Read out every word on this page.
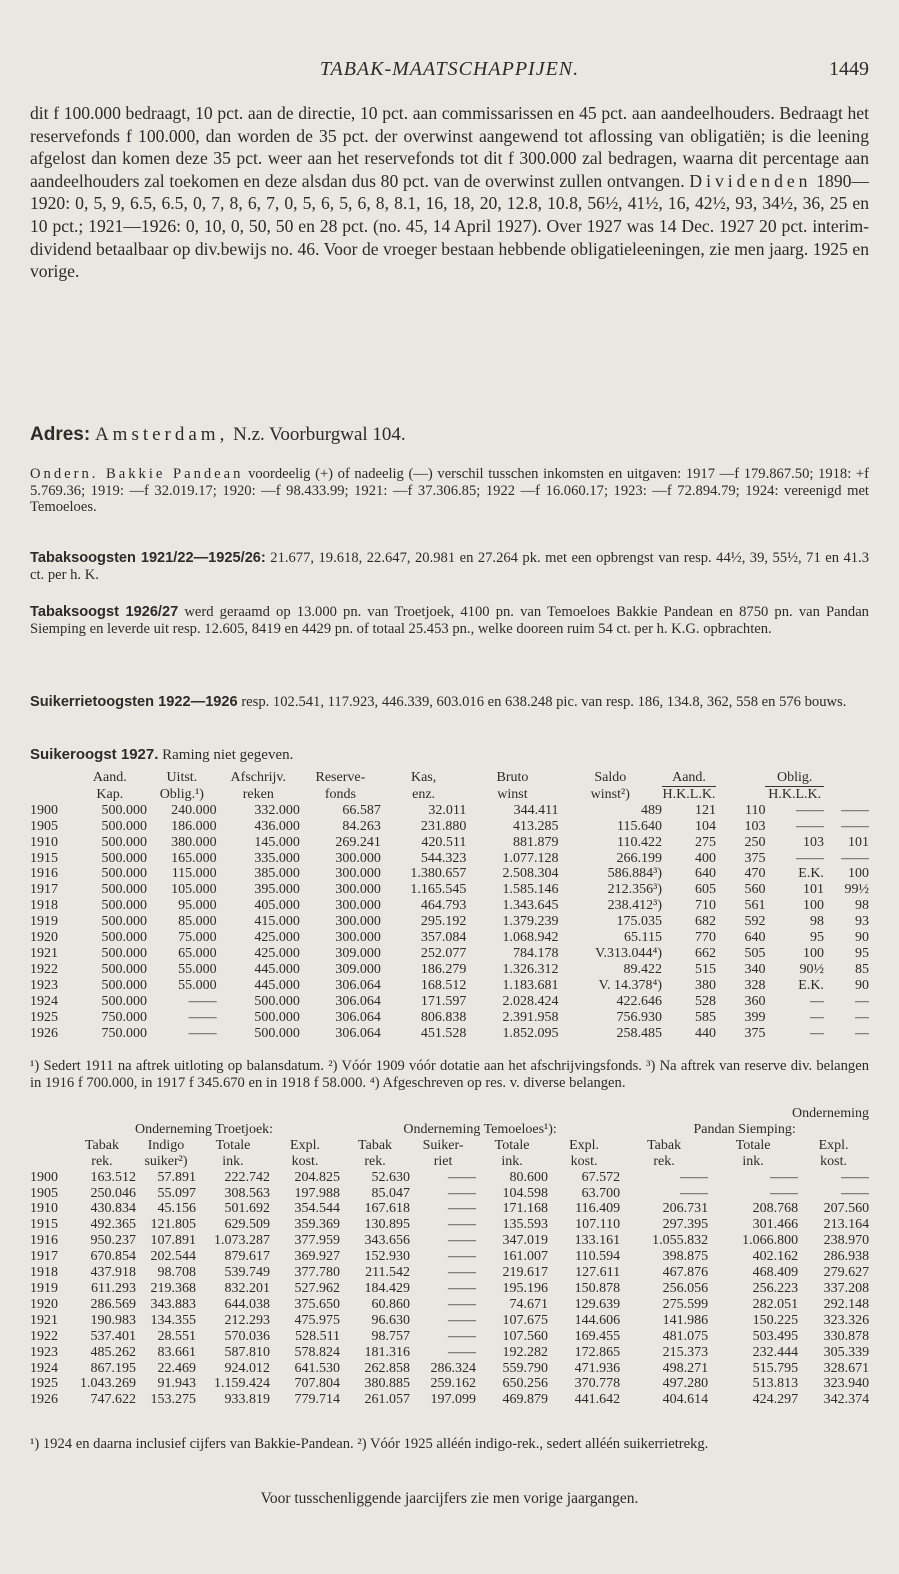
TABAK-MAATSCHAPPIJEN.	1449

dit f 100.000 bedraagt, 10 pct. aan de directie, 10 pct. aan commissarissen en 45 pct. aan aandeelhouders. Bedraagt het reservefonds f 100.000, dan worden de 35 pct. der overwinst aangewend tot aflossing van obligatiën; is die leening afgelost dan komen deze 35 pct. weer aan het reservefonds tot dit f 300.000 zal bedragen, waarna dit percentage aan aandeelhouders zal toekomen en deze alsdan dus 80 pct. van de overwinst zullen ontvangen. Dividenden 1890—1920: 0, 5, 9, 6.5, 6.5, 0, 7, 8, 6, 7, 0, 5, 6, 5, 6, 8, 8.1, 16, 18, 20, 12.8, 10.8, 56½, 41½, 16, 42½, 93, 34½, 36, 25 en 10 pct.; 1921—1926: 0, 10, 0, 50, 50 en 28 pct. (no. 45, 14 April 1927). Over 1927 was 14 Dec. 1927 20 pct. interim-dividend betaalbaar op div.bewijs no. 46. Voor de vroeger bestaan hebbende obligatieleeningen, zie men jaarg. 1925 en vorige.

Adres: Amsterdam, N.z. Voorburgwal 104.

Ondern. Bakkie Pandean voordeelig (+) of nadeelig (—) verschil tusschen inkomsten en uitgaven: 1917 —f 179.867.50; 1918: +f 5.769.36; 1919: —f 32.019.17; 1920: —f 98.433.99; 1921: —f 37.306.85; 1922 —f 16.060.17; 1923: —f 72.894.79; 1924: vereenigd met Temoeloes.

Tabaksoogsten 1921/22—1925/26: 21.677, 19.618, 22.647, 20.981 en 27.264 pk. met een opbrengst van resp. 44½, 39, 55½, 71 en 41.3 ct. per h. K.

Tabaksoogst 1926/27 werd geraamd op 13.000 pn. van Troetjoek, 4100 pn. van Temoeloes Bakkie Pandean en 8750 pn. van Pandan Siemping en leverde uit resp. 12.605, 8419 en 4429 pn. of totaal 25.453 pn., welke dooreen ruim 54 ct. per h. K.G. opbrachten.

Suikerrietoogsten 1922—1926 resp. 102.541, 117.923, 446.339, 603.016 en 638.248 pic. van resp. 186, 134.8, 362, 558 en 576 bouws.

Suikeroogst 1927. Raming niet gegeven.
	Aand.	Uitst.	Afschrijv.	Reserve-	Kas,	Bruto	Saldo	Aand.		Oblig.	
	Kap.	Oblig.¹)	reken	fonds	enz.	winst	winst²)	H.K.L.K.		H.K.L.K.	
1900	500.000	240.000	332.000	66.587	32.011	344.411	489	121	110	——	——
1905	500.000	186.000	436.000	84.263	231.880	413.285	115.640	104	103	——	——
1910	500.000	380.000	145.000	269.241	420.511	881.879	110.422	275	250	103	101
1915	500.000	165.000	335.000	300.000	544.323	1.077.128	266.199	400	375	——	——
1916	500.000	115.000	385.000	300.000	1.380.657	2.508.304	586.884³)	640	470	E.K.	100
1917	500.000	105.000	395.000	300.000	1.165.545	1.585.146	212.356³)	605	560	101	99½
1918	500.000	95.000	405.000	300.000	464.793	1.343.645	238.412³)	710	561	100	98
1919	500.000	85.000	415.000	300.000	295.192	1.379.239	175.035	682	592	98	93
1920	500.000	75.000	425.000	300.000	357.084	1.068.942	65.115	770	640	95	90
1921	500.000	65.000	425.000	309.000	252.077	784.178	V.313.044⁴)	662	505	100	95
1922	500.000	55.000	445.000	309.000	186.279	1.326.312	89.422	515	340	90½	85
1923	500.000	55.000	445.000	306.064	168.512	1.183.681	V. 14.378⁴)	380	328	E.K.	90
1924	500.000	——	500.000	306.064	171.597	2.028.424	422.646	528	360	—	—
1925	750.000	——	500.000	306.064	806.838	2.391.958	756.930	585	399	—	—
1926	750.000	——	500.000	306.064	451.528	1.852.095	258.485	440	375	—	—

¹) Sedert 1911 na aftrek uitloting op balansdatum. ²) Vóór 1909 vóór dotatie aan het afschrijvingsfonds. ³) Na aftrek van reserve div. belangen in 1916 f 700.000, in 1917 f 345.670 en in 1918 f 58.000. ⁴) Afgeschreven op res. v. diverse belangen.

Onderneming
	Onderneming Troetjoek:				Onderneming Temoeloes¹):				Pandan Siemping:		
	Tabak	Indigo	Totale	Expl.	Tabak	Suiker-	Totale	Expl.	Tabak	Totale	Expl.
	rek.	suiker²)	ink.	kost.	rek.	riet	ink.	kost.	rek.	ink.	kost.
1900	163.512	57.891	222.742	204.825	52.630	——	80.600	67.572	——	——	——
1905	250.046	55.097	308.563	197.988	85.047	——	104.598	63.700	——	——	——
1910	430.834	45.156	501.692	354.544	167.618	——	171.168	116.409	206.731	208.768	207.560
1915	492.365	121.805	629.509	359.369	130.895	——	135.593	107.110	297.395	301.466	213.164
1916	950.237	107.891	1.073.287	377.959	343.656	——	347.019	133.161	1.055.832	1.066.800	238.970
1917	670.854	202.544	879.617	369.927	152.930	——	161.007	110.594	398.875	402.162	286.938
1918	437.918	98.708	539.749	377.780	211.542	——	219.617	127.611	467.876	468.409	279.627
1919	611.293	219.368	832.201	527.962	184.429	——	195.196	150.878	256.056	256.223	337.208
1920	286.569	343.883	644.038	375.650	60.860	——	74.671	129.639	275.599	282.051	292.148
1921	190.983	134.355	212.293	475.975	96.630	——	107.675	144.606	141.986	150.225	323.326
1922	537.401	28.551	570.036	528.511	98.757	——	107.560	169.455	481.075	503.495	330.878
1923	485.262	83.661	587.810	578.824	181.316	——	192.282	172.865	215.373	232.444	305.339
1924	867.195	22.469	924.012	641.530	262.858	286.324	559.790	471.936	498.271	515.795	328.671
1925	1.043.269	91.943	1.159.424	707.804	380.885	259.162	650.256	370.778	497.280	513.813	323.940
1926	747.622	153.275	933.819	779.714	261.057	197.099	469.879	441.642	404.614	424.297	342.374

¹) 1924 en daarna inclusief cijfers van Bakkie-Pandean. ²) Vóór 1925 alléén indigo-rek., sedert alléén suikerrietrekg.

Voor tusschenliggende jaarcijfers zie men vorige jaargangen.
